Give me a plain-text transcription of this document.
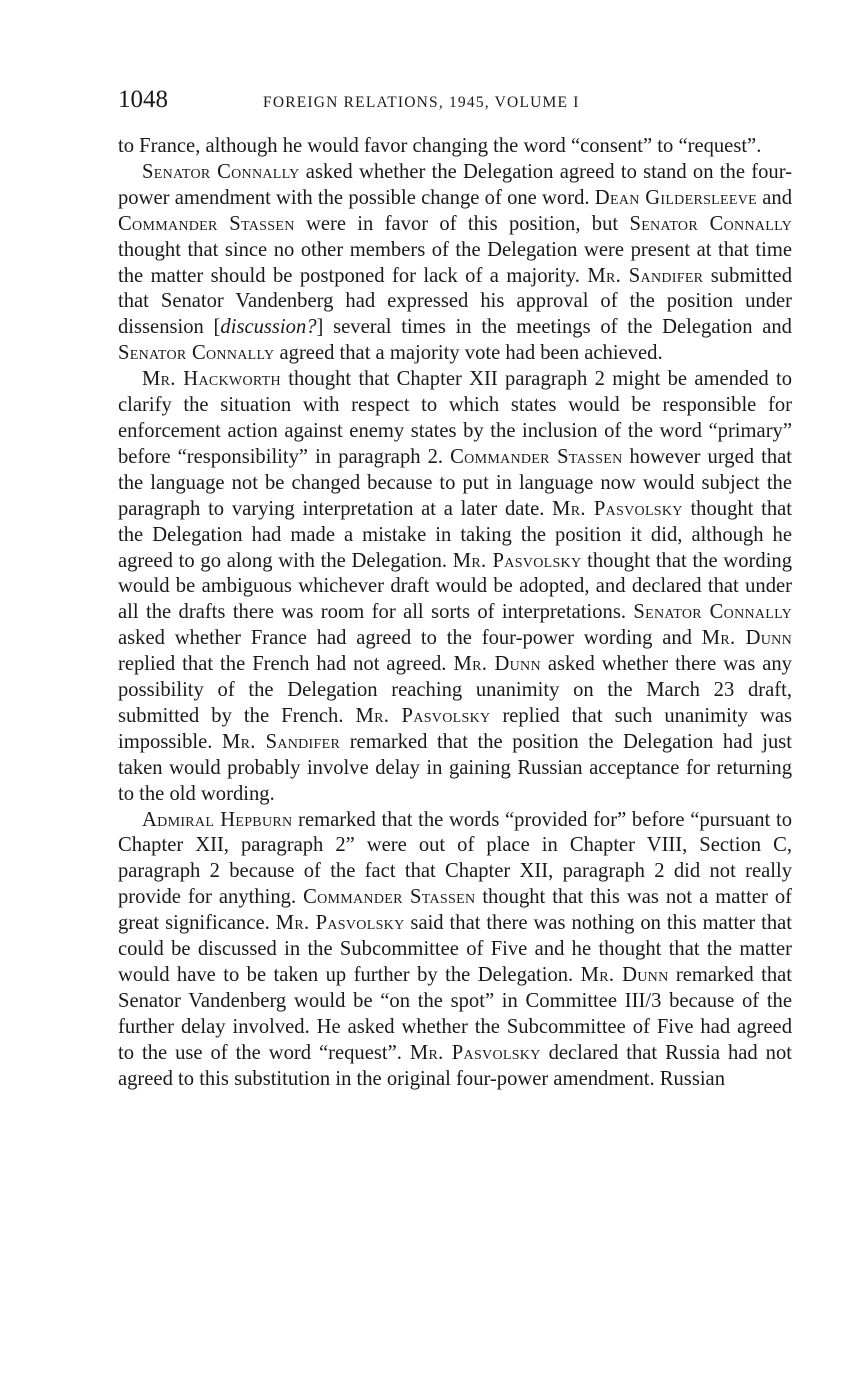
1048	FOREIGN RELATIONS, 1945, VOLUME I

to France, although he would favor changing the word “consent” to “request”.

Senator Connally asked whether the Delegation agreed to stand on the four-power amendment with the possible change of one word. Dean Gildersleeve and Commander Stassen were in favor of this position, but Senator Connally thought that since no other members of the Delegation were present at that time the matter should be postponed for lack of a majority. Mr. Sandifer submitted that Senator Vandenberg had expressed his approval of the position under dissension [discussion?] several times in the meetings of the Delegation and Senator Connally agreed that a majority vote had been achieved.

Mr. Hackworth thought that Chapter XII paragraph 2 might be amended to clarify the situation with respect to which states would be responsible for enforcement action against enemy states by the inclusion of the word “primary” before “responsibility” in paragraph 2. Commander Stassen however urged that the language not be changed because to put in language now would subject the paragraph to varying interpretation at a later date. Mr. Pasvolsky thought that the Delegation had made a mistake in taking the position it did, although he agreed to go along with the Delegation. Mr. Pasvolsky thought that the wording would be ambiguous whichever draft would be adopted, and declared that under all the drafts there was room for all sorts of interpretations. Senator Connally asked whether France had agreed to the four-power wording and Mr. Dunn replied that the French had not agreed. Mr. Dunn asked whether there was any possibility of the Delegation reaching unanimity on the March 23 draft, submitted by the French. Mr. Pasvolsky replied that such unanimity was impossible. Mr. Sandifer remarked that the position the Delegation had just taken would probably involve delay in gaining Russian acceptance for returning to the old wording.

Admiral Hepburn remarked that the words “provided for” before “pursuant to Chapter XII, paragraph 2” were out of place in Chapter VIII, Section C, paragraph 2 because of the fact that Chapter XII, paragraph 2 did not really provide for anything. Commander Stassen thought that this was not a matter of great significance. Mr. Pasvolsky said that there was nothing on this matter that could be discussed in the Subcommittee of Five and he thought that the matter would have to be taken up further by the Delegation. Mr. Dunn remarked that Senator Vandenberg would be “on the spot” in Committee III/3 because of the further delay involved. He asked whether the Subcommittee of Five had agreed to the use of the word “request”. Mr. Pasvolsky declared that Russia had not agreed to this substitution in the original four-power amendment. Russian
